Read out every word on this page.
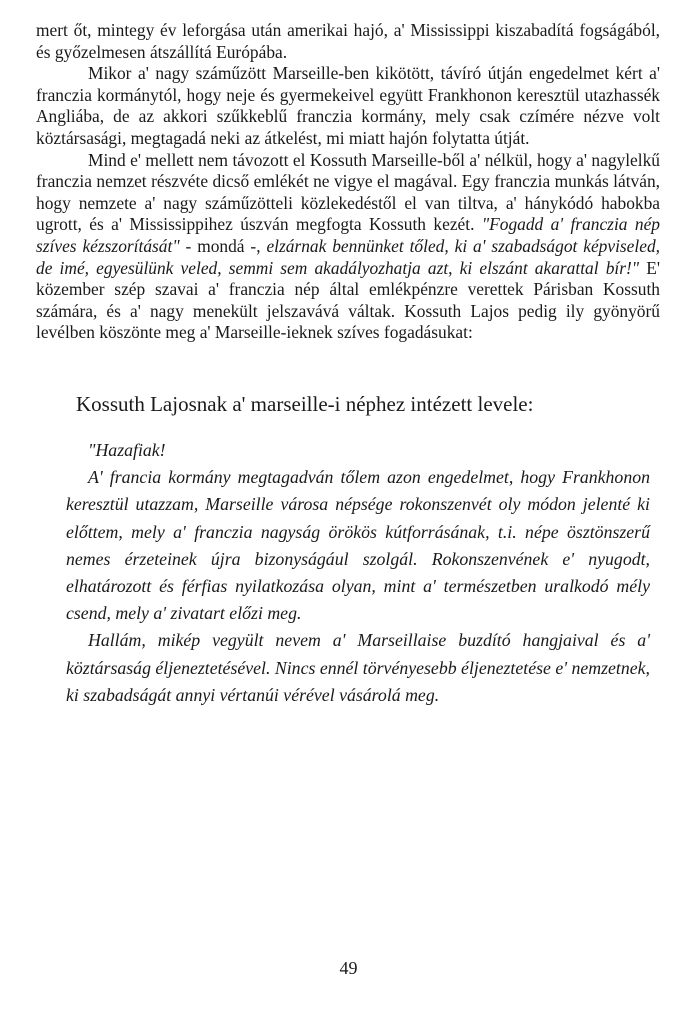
mert őt, mintegy év leforgása után amerikai hajó, a' Mississippi kiszabadítá fogságából, és győzelmesen átszállítá Európába.

Mikor a' nagy száműzött Marseille-ben kikötött, távíró útján engedelmet kért a' franczia kormánytól, hogy neje és gyermekeivel együtt Frankhonon keresztül utazhassék Angliába, de az akkori szűkkeblű franczia kormány, mely csak czímére nézve volt köztársasági, megtagadá neki az átkelést, mi miatt hajón folytatta útját.

Mind e' mellett nem távozott el Kossuth Marseille-ből a' nélkül, hogy a' nagylelkű franczia nemzet részvéte dicső emlékét ne vigye el magával. Egy franczia munkás látván, hogy nemzete a' nagy száműzötteli közlekedéstől el van tiltva, a' hánykódó habokba ugrott, és a' Mississippihez úszván megfogta Kossuth kezét. "Fogadd a' franczia nép szíves kézszorítását" - mondá -, elzárnak bennünket tőled, ki a' szabadságot képviseled, de imé, egyesülünk veled, semmi sem akadályozhatja azt, ki elszánt akarattal bír!" E' közember szép szavai a' franczia nép által emlékpénzre verettek Párisban Kossuth számára, és a' nagy menekült jelszavává váltak. Kossuth Lajos pedig ily gyönyörű levélben köszönte meg a' Marseille-ieknek szíves fogadásukat:

Kossuth Lajosnak a' marseille-i néphez intézett levele:

"Hazafiak!

A' francia kormány megtagadván tőlem azon engedelmet, hogy Frankhonon keresztül utazzam, Marseille városa népsége rokonszenvét oly módon jelenté ki előttem, mely a' franczia nagyság örökös kútforrásának, t.i. népe ösztönszerű nemes érzeteinek újra bizonyságául szolgál. Rokonszenvének e' nyugodt, elhatározott és férfias nyilatkozása olyan, mint a' természetben uralkodó mély csend, mely a' zivatart előzi meg.

Hallám, mikép vegyült nevem a' Marseillaise buzdító hangjaival és a' köztársaság éljeneztetésével. Nincs ennél törvényesebb éljeneztetése e' nemzetnek, ki szabadságát annyi vértanúi vérével vásárolá meg.

49
